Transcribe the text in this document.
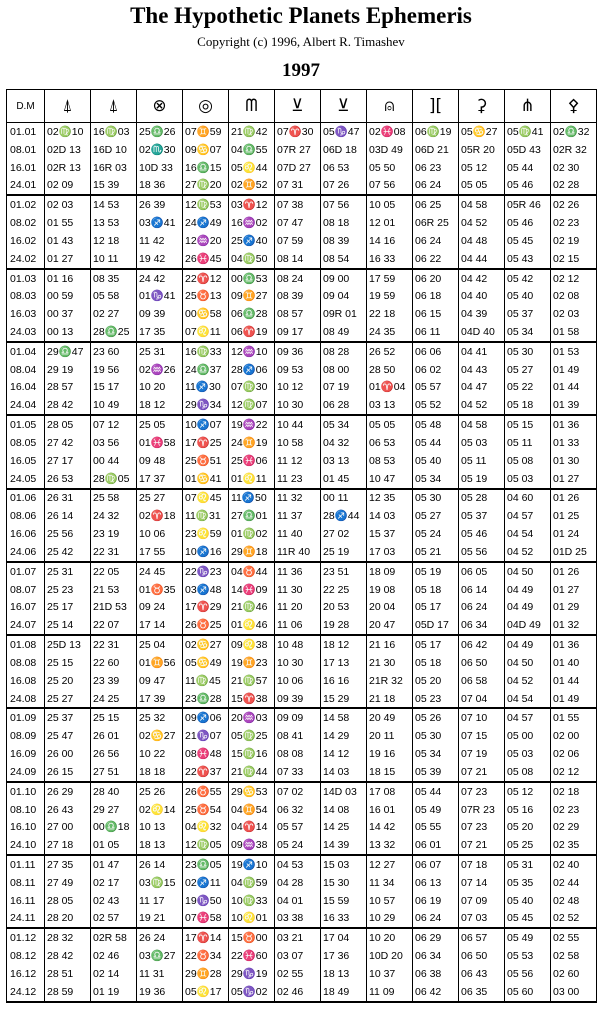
The Hypothetic Planets Ephemeris
Copyright (c) 1996, Albert R. Timashev
1997
D.M	⍋	⍋	⊗	◎	ᗰ	⊻	⊻	⍝	][	⚳	⋔	⚴
01.01	02♍10	16♍03	25♎26	07♊59	21♍42	07♈30	05♑47	02♓08	06♍19	05♋27	05♍41	02♎32
08.01	02D 13	16D 10	02♏30	09♋07	04♎55	07R 27	06D 18	03D 49	06D 21	05R 20	05D 43	02R 32
16.01	02R 13	16R 03	10D 33	16♎15	05♌44	07D 27	06 53	05 50	06 23	05 12	05 44	02 30
24.01	02 09	15 39	18 36	27♍20	02♊52	07 31	07 26	07 56	06 24	05 05	05 46	02 28
01.02	02 03	14 53	26 39	12♍53	03♈12	07 38	07 56	10 05	06 25	04 58	05R 46	02 26
08.02	01 55	13 53	03♐41	24♐49	16♒02	07 47	08 18	12 01	06R 25	04 52	05 46	02 23
16.02	01 43	12 18	11 42	12♒20	25♐40	07 59	08 39	14 16	06 24	04 48	05 45	02 19
24.02	01 27	10 11	19 42	26♓45	04♍50	08 14	08 54	16 33	06 22	04 44	05 43	02 15
01.03	01 16	08 35	24 42	22♈12	00♎53	08 24	09 00	17 59	06 20	04 42	05 42	02 12
08.03	00 59	05 58	01♑41	25♉13	09♊27	08 39	09 04	19 59	06 18	04 40	05 40	02 08
16.03	00 37	02 27	09 39	00♋58	06♎28	08 57	09R 01	22 18	06 15	04 39	05 37	02 03
24.03	00 13	28♎25	17 35	07♌11	06♈19	09 17	08 49	24 35	06 11	04D 40	05 34	01 58
01.04	29♎47	23 60	25 31	16♍33	12♒10	09 36	08 28	26 52	06 06	04 41	05 30	01 53
08.04	29 19	19 56	02♒26	24♎37	28♐06	09 53	08 00	28 50	06 02	04 43	05 27	01 49
16.04	28 57	15 17	10 20	11♐30	07♍30	10 12	07 19	01♈04	05 57	04 47	05 22	01 44
24.04	28 42	10 49	18 12	29♑34	12♍07	10 30	06 28	03 13	05 52	04 52	05 18	01 39
01.05	28 05	07 12	25 05	10♐07	19♒22	10 44	05 34	05 05	05 48	04 58	05 15	01 36
08.05	27 42	03 56	01♓58	17♈25	24♊19	10 58	04 32	06 53	05 44	05 03	05 11	01 33
16.05	27 17	00 44	09 48	25♉51	25♓06	11 12	03 13	08 53	05 40	05 11	05 08	01 30
24.05	26 53	28♍05	17 37	01♋41	01♌11	11 23	01 45	10 47	05 34	05 19	05 03	01 27
01.06	26 31	25 58	25 27	07♌45	11♐50	11 32	00 11	12 35	05 30	05 28	04 60	01 26
08.06	26 14	24 32	02♈18	11♍31	27♎01	11 37	28♐44	14 03	05 27	05 37	04 57	01 25
16.06	25 56	23 19	10 06	23♌59	01♍02	11 40	27 02	15 37	05 24	05 46	04 54	01 24
24.06	25 42	22 31	17 55	10♐16	29♊18	11R 40	25 19	17 03	05 21	05 56	04 52	01D 25
01.07	25 31	22 05	24 45	22♑23	04♉44	11 36	23 51	18 09	05 19	06 05	04 50	01 26
08.07	25 23	21 53	01♉35	03♐48	14♓09	11 30	22 25	19 08	05 18	06 14	04 49	01 27
16.07	25 17	21D 53	09 24	17♈29	21♍46	11 20	20 53	20 04	05 17	06 24	04 49	01 29
24.07	25 14	22 07	17 14	26♉25	01♌46	11 06	19 28	20 47	05D 17	06 34	04D 49	01 32
01.08	25D 13	22 31	25 04	02♋27	09♌38	10 48	18 12	21 16	05 17	06 42	04 49	01 36
08.08	25 15	22 60	01♊56	05♋49	19♊23	10 30	17 13	21 30	05 18	06 50	04 50	01 40
16.08	25 20	23 39	09 47	11♍45	21♍57	10 06	16 16	21R 32	05 20	06 58	04 52	01 44
24.08	25 27	24 25	17 39	23♎28	15♈38	09 39	15 29	21 18	05 23	07 04	04 54	01 49
01.09	25 37	25 15	25 32	09♐06	20♒03	09 09	14 58	20 49	05 26	07 10	04 57	01 55
08.09	25 47	26 01	02♋27	21♑07	05♍25	08 41	14 29	20 11	05 30	07 15	05 00	02 00
16.09	26 00	26 56	10 22	08♓48	15♍16	08 08	14 12	19 16	05 34	07 19	05 03	02 06
24.09	26 15	27 51	18 18	22♈37	21♍44	07 33	14 03	18 15	05 39	07 21	05 08	02 12
01.10	26 29	28 40	25 26	26♉55	29♋53	07 02	14D 03	17 08	05 44	07 23	05 12	02 18
08.10	26 43	29 27	02♌14	25♉54	04♊54	06 32	14 08	16 01	05 49	07R 23	05 16	02 23
16.10	27 00	00♎18	10 13	04♌32	04♈14	05 57	14 25	14 42	05 55	07 23	05 20	02 29
24.10	27 18	01 05	18 13	12♍05	09♒38	05 24	14 39	13 32	06 01	07 21	05 25	02 35
01.11	27 35	01 47	26 14	23♎05	19♐10	04 53	15 03	12 27	06 07	07 18	05 31	02 40
08.11	27 49	02 17	03♍15	02♐11	04♍59	04 28	15 30	11 34	06 13	07 14	05 35	02 44
16.11	28 05	02 43	11 17	19♑50	10♍33	04 01	15 59	10 57	06 19	07 09	05 40	02 48
24.11	28 20	02 57	19 21	07♓58	10♌01	03 38	16 33	10 29	06 24	07 03	05 45	02 52
01.12	28 32	02R 58	26 24	17♈14	15♉00	03 21	17 04	10 20	06 29	06 57	05 49	02 55
08.12	28 42	02 46	03♎27	22♉34	22♓60	03 07	17 36	10D 20	06 34	06 50	05 53	02 58
16.12	28 51	02 14	11 31	29♊28	29♑19	02 55	18 13	10 37	06 38	06 43	05 56	02 60
24.12	28 59	01 19	19 36	05♌17	05♑02	02 46	18 49	11 09	06 42	06 35	05 60	03 00
